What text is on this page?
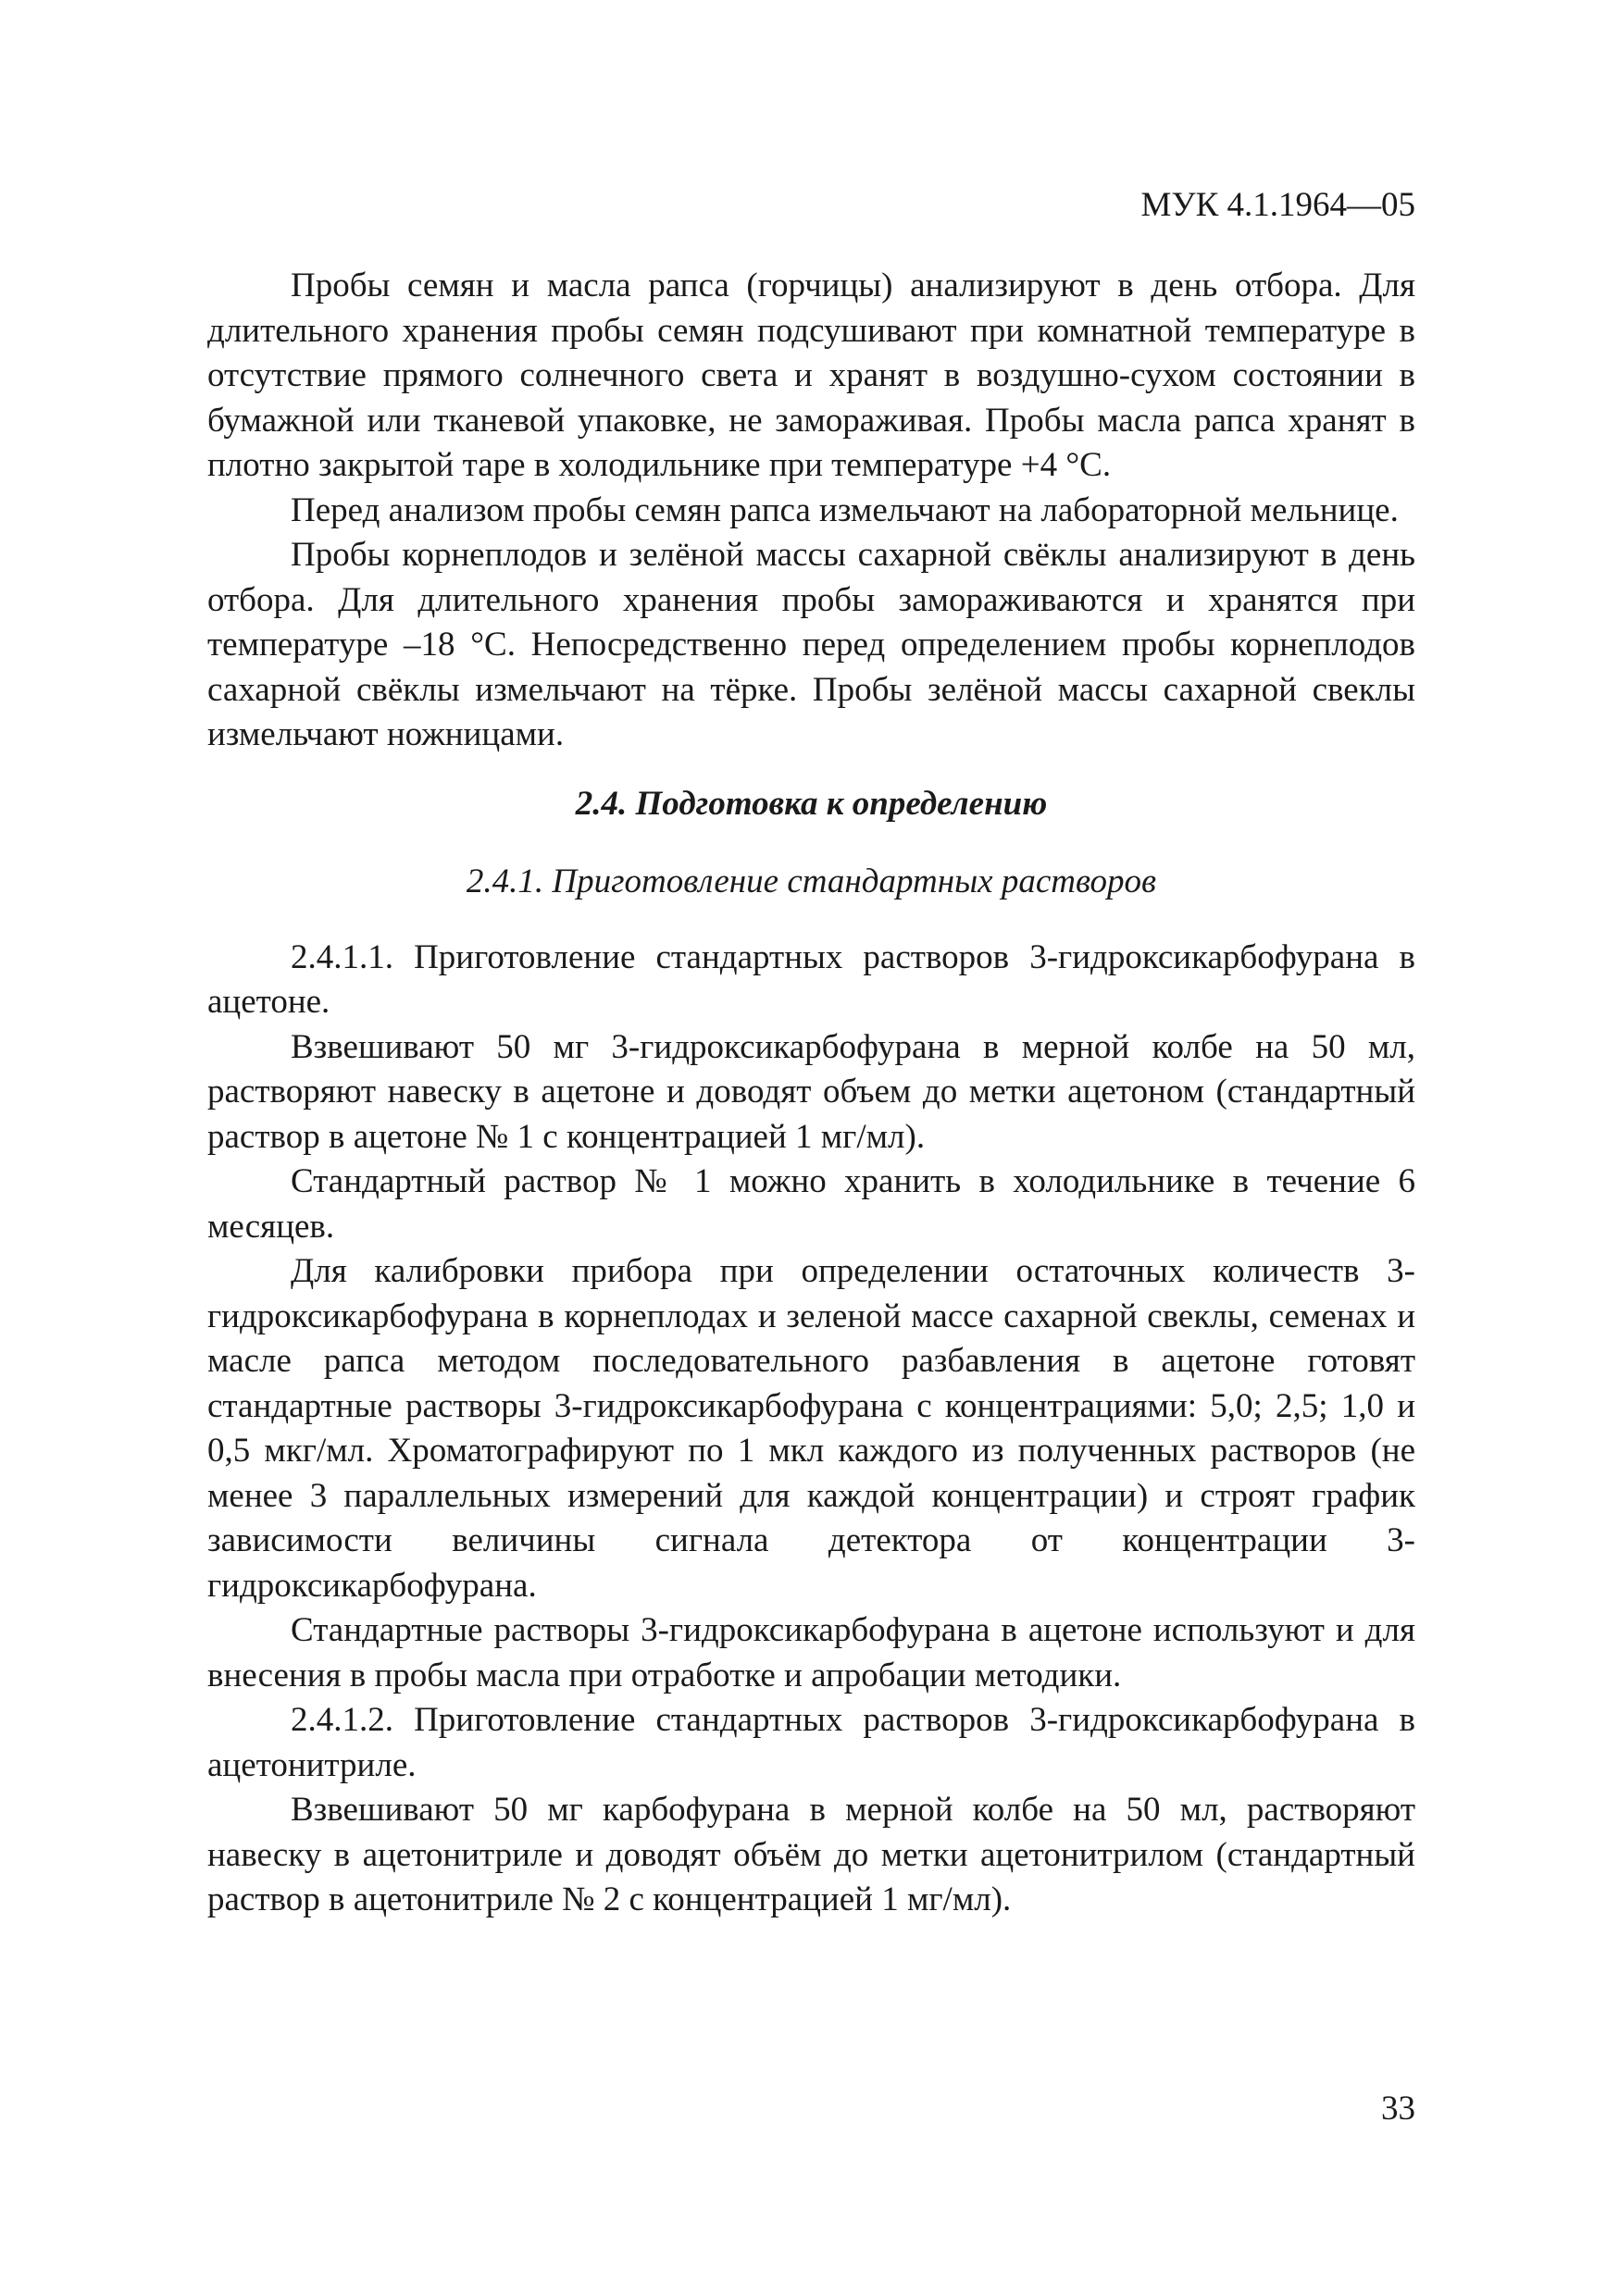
МУК 4.1.1964—05

Пробы семян и масла рапса (горчицы) анализируют в день отбора. Для длительного хранения пробы семян подсушивают при комнатной температуре в отсутствие прямого солнечного света и хранят в воздушно-сухом состоянии в бумажной или тканевой упаковке, не замораживая. Пробы масла рапса хранят в плотно закрытой таре в холодильнике при температуре +4 °С.

Перед анализом пробы семян рапса измельчают на лабораторной мельнице.

Пробы корнеплодов и зелёной массы сахарной свёклы анализируют в день отбора. Для длительного хранения пробы замораживаются и хранятся при температуре –18 °С. Непосредственно перед определением пробы корнеплодов сахарной свёклы измельчают на тёрке. Пробы зелёной массы сахарной свеклы измельчают ножницами.

2.4. Подготовка к определению
2.4.1. Приготовление стандартных растворов

2.4.1.1. Приготовление стандартных растворов 3-гидроксикарбофурана в ацетоне.

Взвешивают 50 мг 3-гидроксикарбофурана в мерной колбе на 50 мл, растворяют навеску в ацетоне и доводят объем до метки ацетоном (стандартный раствор в ацетоне № 1 с концентрацией 1 мг/мл).

Стандартный раствор № 1 можно хранить в холодильнике в течение 6 месяцев.

Для калибровки прибора при определении остаточных количеств 3-гидроксикарбофурана в корнеплодах и зеленой массе сахарной свеклы, семенах и масле рапса методом последовательного разбавления в ацетоне готовят стандартные растворы 3-гидроксикарбофурана с концентрациями: 5,0; 2,5; 1,0 и 0,5 мкг/мл. Хроматографируют по 1 мкл каждого из полученных растворов (не менее 3 параллельных измерений для каждой концентрации) и строят график зависимости величины сигнала детектора от концентрации 3-гидроксикарбофурана.

Стандартные растворы 3-гидроксикарбофурана в ацетоне используют и для внесения в пробы масла при отработке и апробации методики.

2.4.1.2. Приготовление стандартных растворов 3-гидроксикарбофурана в ацетонитриле.

Взвешивают 50 мг карбофурана в мерной колбе на 50 мл, растворяют навеску в ацетонитриле и доводят объём до метки ацетонитрилом (стандартный раствор в ацетонитриле № 2 с концентрацией 1 мг/мл).

33
